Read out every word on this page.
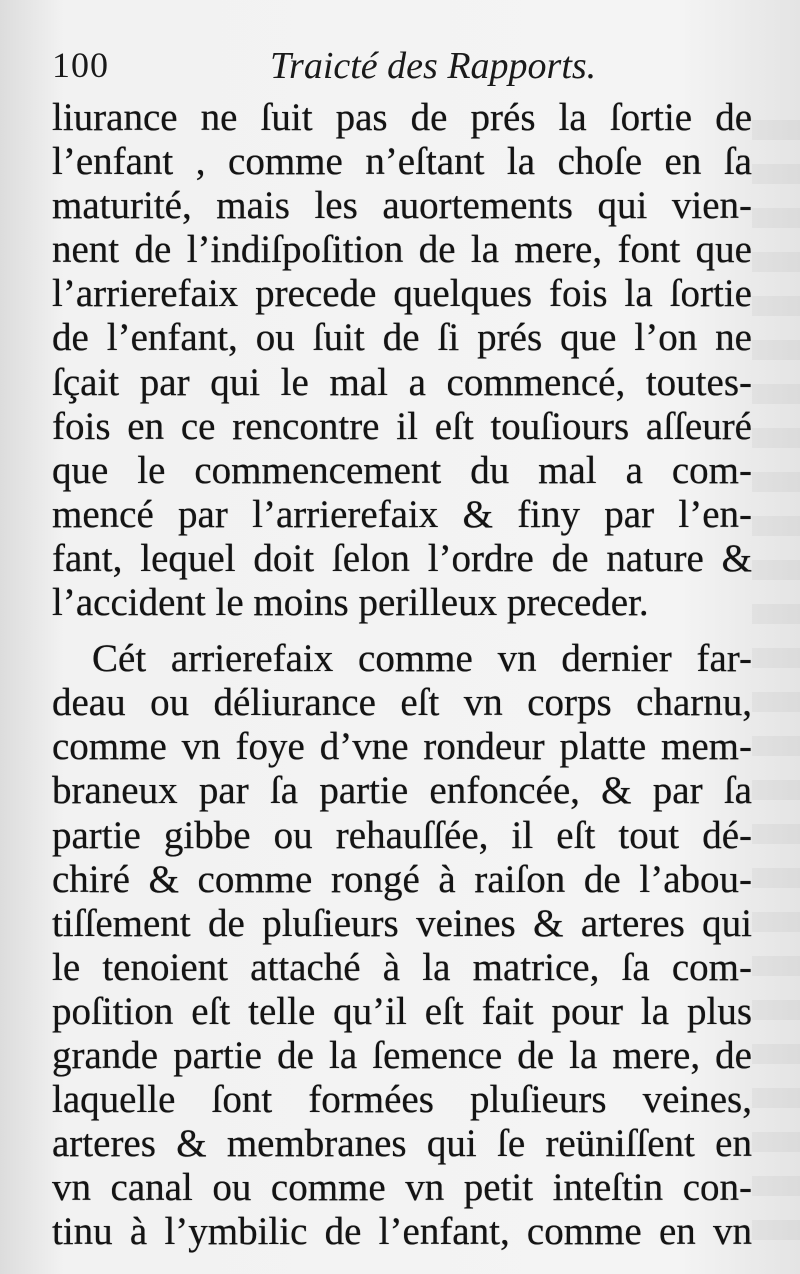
100	Traicté des Rapports.
liurance ne ſuit pas de prés la ſortie de
l’enfant , comme n’eſtant la choſe en ſa
maturité, mais les auortements qui vien-
nent de l’indiſpoſition de la mere, font que
l’arrierefaix precede quelques fois la ſortie
de l’enfant, ou ſuit de ſi prés que l’on ne
ſçait par qui le mal a commencé, toutes-
fois en ce rencontre il eſt touſiours aſſeuré
que le commencement du mal a com-
mencé par l’arrierefaix & finy par l’en-
fant, lequel doit ſelon l’ordre de nature &
l’accident le moins perilleux preceder.
Cét arrierefaix comme vn dernier far-
deau ou déliurance eſt vn corps charnu,
comme vn foye d’vne rondeur platte mem-
braneux par ſa partie enfoncée, & par ſa
partie gibbe ou rehauſſée, il eſt tout dé-
chiré & comme rongé à raiſon de l’abou-
tiſſement de pluſieurs veines & arteres qui
le tenoient attaché à la matrice, ſa com-
poſition eſt telle qu’il eſt fait pour la plus
grande partie de la ſemence de la mere, de
laquelle ſont formées pluſieurs veines,
arteres & membranes qui ſe reüniſſent en
vn canal ou comme vn petit inteſtin con-
tinu à l’ymbilic de l’enfant, comme en vn
